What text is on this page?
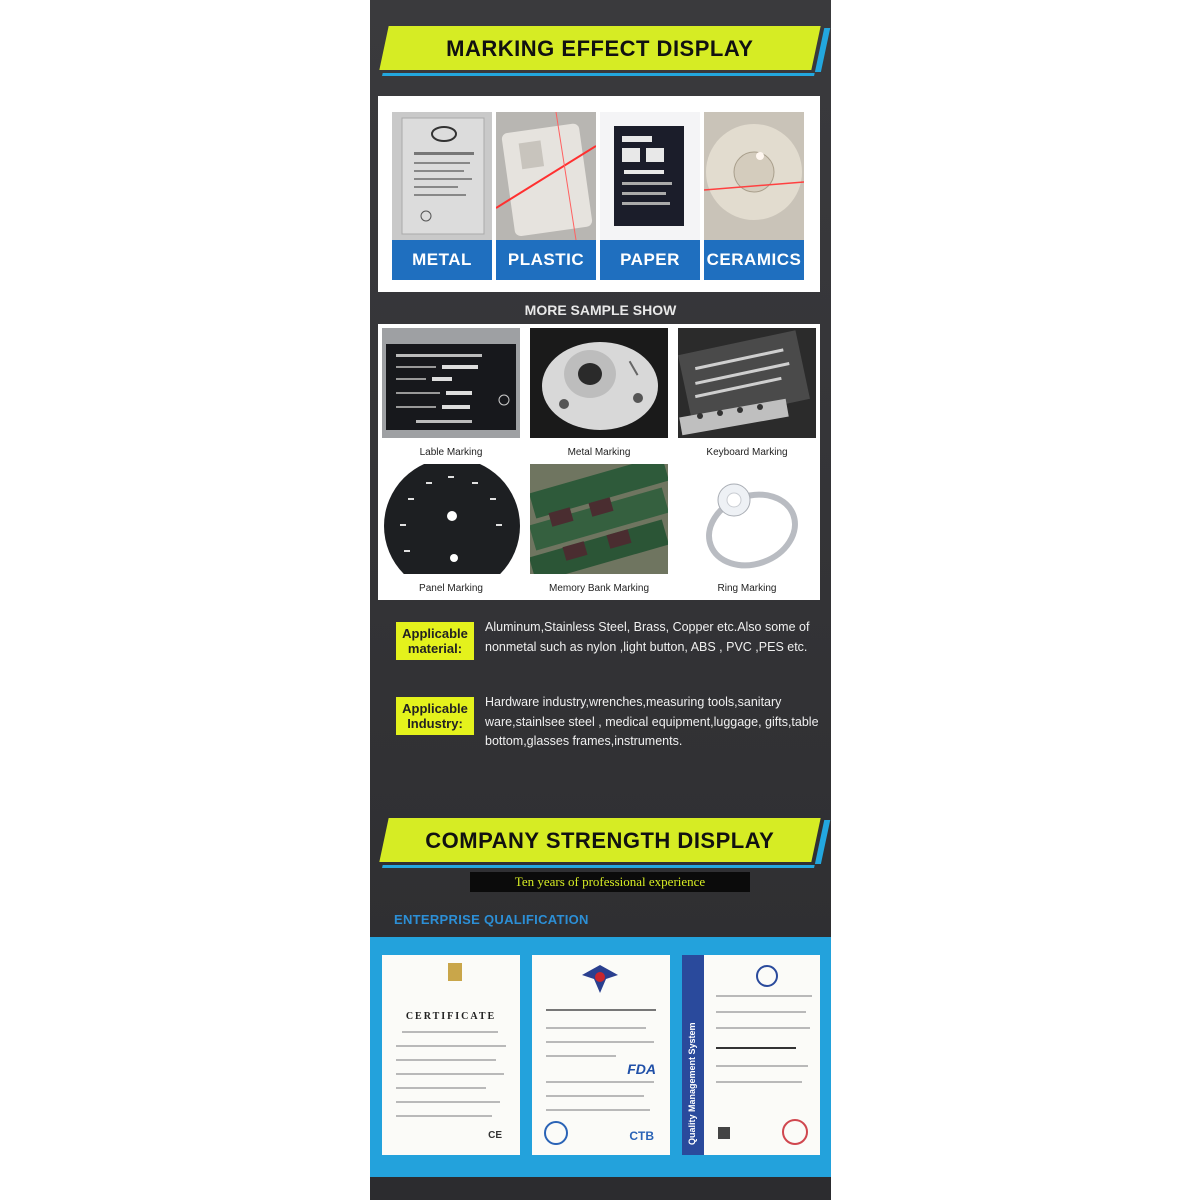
MARKING EFFECT DISPLAY
METAL	PLASTIC	PAPER	CERAMICS
MORE SAMPLE SHOW
Lable Marking	Metal Marking	Keyboard Marking
Panel Marking	Memory Bank Marking	Ring Marking
Applicable material:
Aluminum,Stainless Steel, Brass, Copper etc.Also some of nonmetal such as nylon ,light button, ABS , PVC ,PES etc.
Applicable Industry:
Hardware industry,wrenches,measuring tools,sanitary ware,stainlsee steel , medical equipment,luggage, gifts,table bottom,glasses frames,instruments.
COMPANY STRENGTH DISPLAY
Ten years of professional experience
ENTERPRISE QUALIFICATION
CERTIFICATE
CE
FDA
CTB	Quality Management System
